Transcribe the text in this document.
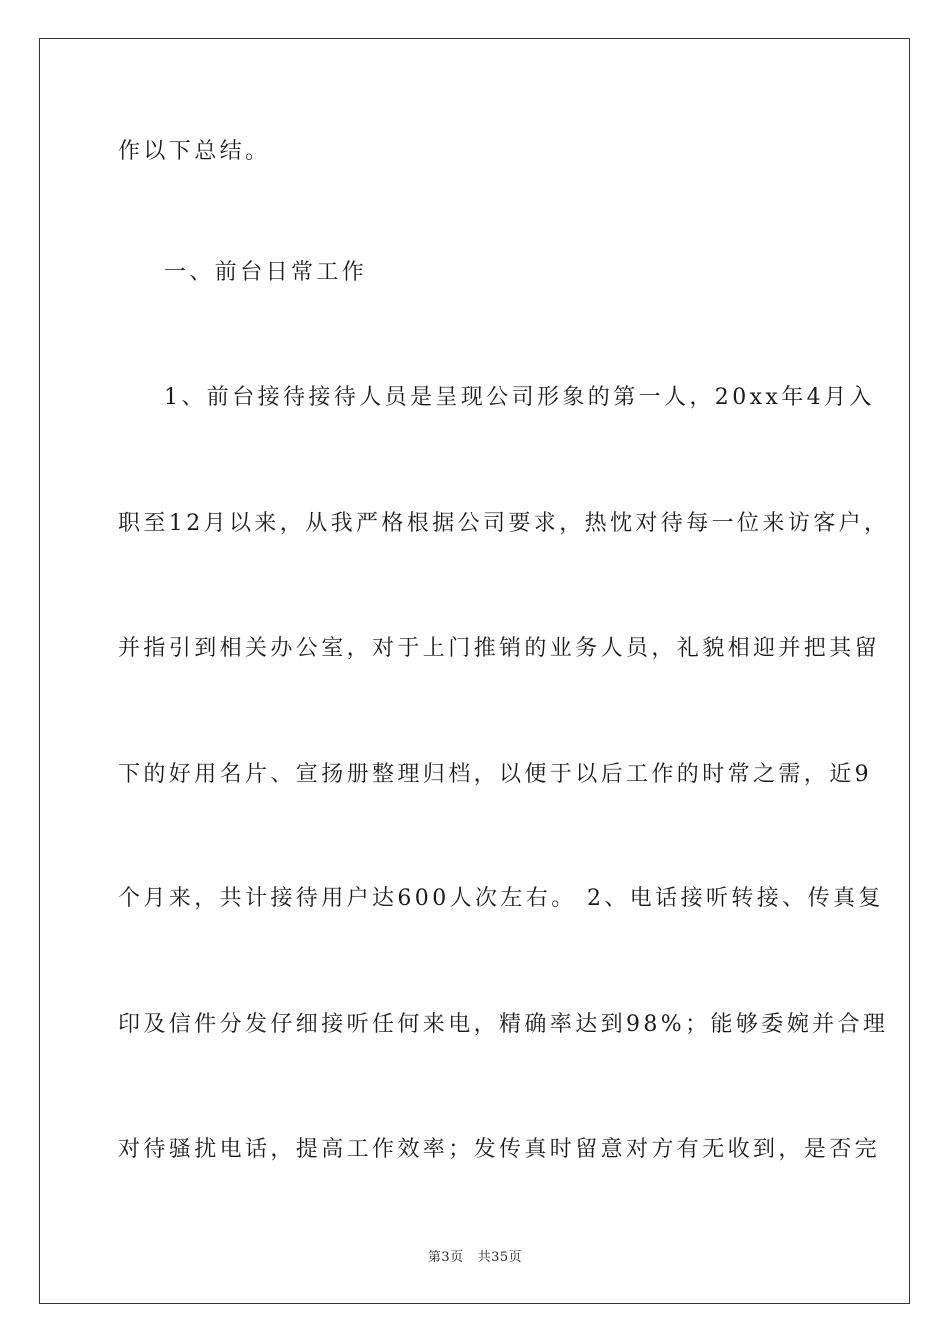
作以下总结。
一、前台日常工作
1、前台接待接待人员是呈现公司形象的第一人，20xx年4月入
职至12月以来，从我严格根据公司要求，热忱对待每一位来访客户，
并指引到相关办公室，对于上门推销的业务人员，礼貌相迎并把其留
下的好用名片、宣扬册整理归档，以便于以后工作的时常之需，近9
个月来，共计接待用户达600人次左右。 2、电话接听转接、传真复
印及信件分发仔细接听任何来电，精确率达到98%；能够委婉并合理
对待骚扰电话，提高工作效率；发传真时留意对方有无收到，是否完
第3页 共35页
